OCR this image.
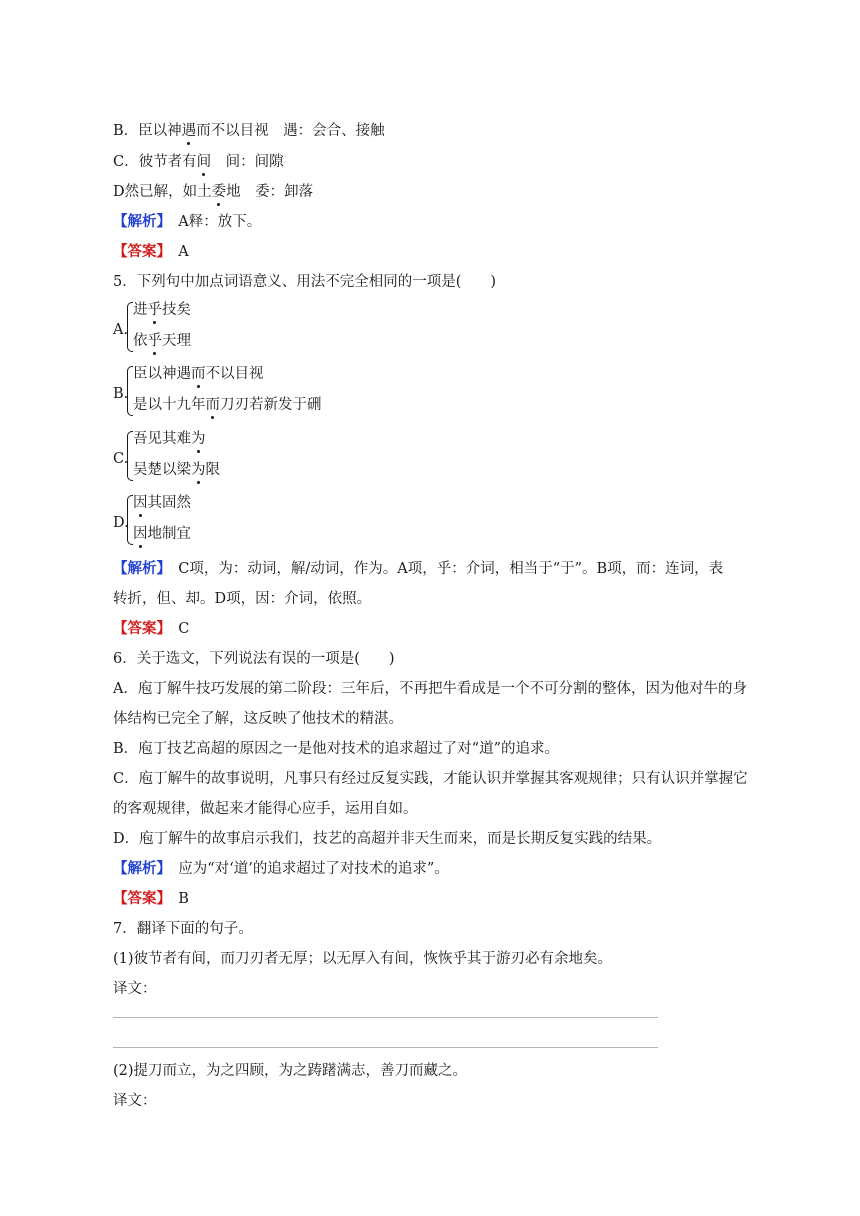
B．臣以神遇而不以目视　遇：会合、接触
C．彼节者有间　间：间隙
D然已解，如土委地　委：卸落
【解析】　A释：放下。
【答案】　A
5．下列句中加点词语意义、用法不完全相同的一项是(　　)
A.
进乎技矣
依乎天理
B.
臣以神遇而不以目视
是以十九年而刀刃若新发于硎
C.
吾见其难为
吴楚以梁为限
D.
因其固然
因地制宜
【解析】　C项，为：动词，解/动词，作为。A项，乎：介词，相当于“于”。B项，而：连词，表
转折，但、却。D项，因：介词，依照。
【答案】　C
6．关于选文，下列说法有误的一项是(　　)
A．庖丁解牛技巧发展的第二阶段：三年后，不再把牛看成是一个不可分割的整体，因为他对牛的身
体结构已完全了解，这反映了他技术的精湛。
B．庖丁技艺高超的原因之一是他对技术的追求超过了对“道”的追求。
C．庖丁解牛的故事说明，凡事只有经过反复实践，才能认识并掌握其客观规律；只有认识并掌握它
的客观规律，做起来才能得心应手，运用自如。
D．庖丁解牛的故事启示我们，技艺的高超并非天生而来，而是长期反复实践的结果。
【解析】　应为“对‘道’的追求超过了对技术的追求”。
【答案】　B
7．翻译下面的句子。
(1)彼节者有间，而刀刃者无厚；以无厚入有间，恢恢乎其于游刃必有余地矣。
译文：
(2)提刀而立，为之四顾，为之踌躇满志，善刀而藏之。
译文：
